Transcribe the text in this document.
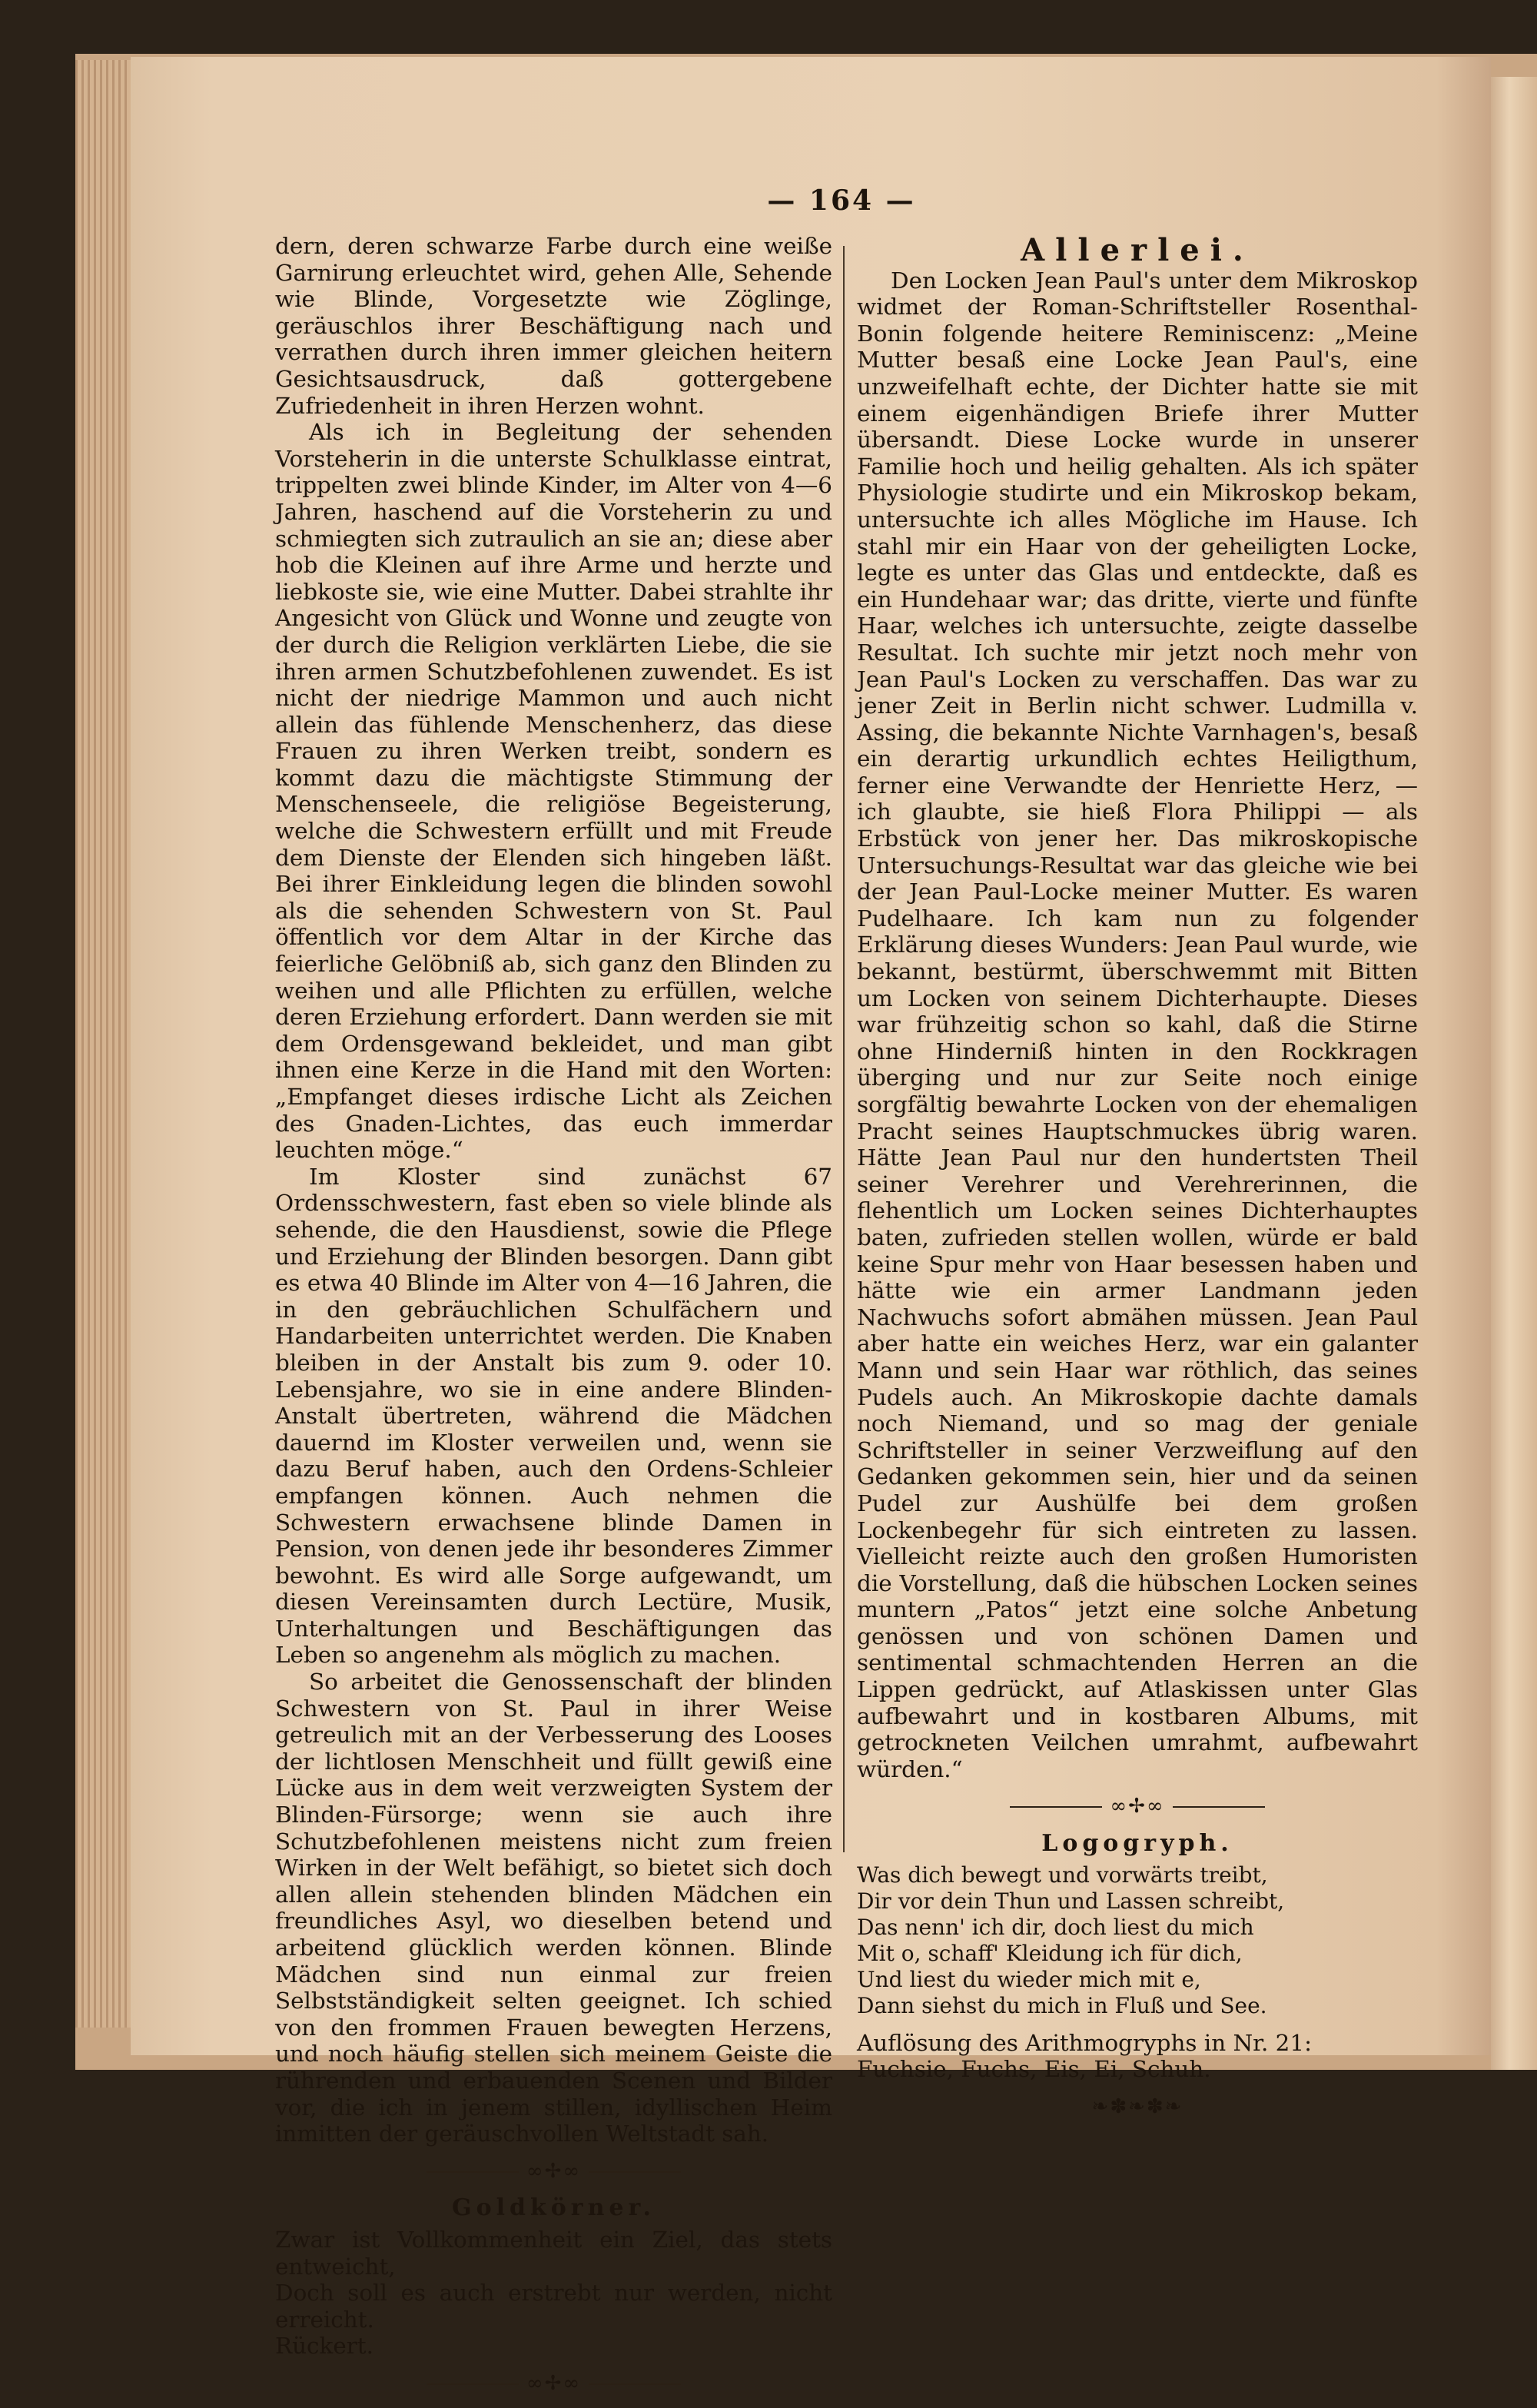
— 164 —

dern, deren schwarze Farbe durch eine weiße Garnirung erleuchtet wird, gehen Alle, Sehende wie Blinde, Vorgesetzte wie Zöglinge, geräuschlos ihrer Beschäftigung nach und verrathen durch ihren immer gleichen heitern Gesichtsausdruck, daß gottergebene Zufriedenheit in ihren Herzen wohnt.

Als ich in Begleitung der sehenden Vorsteherin in die unterste Schulklasse eintrat, trippelten zwei blinde Kinder, im Alter von 4—6 Jahren, haschend auf die Vorsteherin zu und schmiegten sich zutraulich an sie an; diese aber hob die Kleinen auf ihre Arme und herzte und liebkoste sie, wie eine Mutter. Dabei strahlte ihr Angesicht von Glück und Wonne und zeugte von der durch die Religion verklärten Liebe, die sie ihren armen Schutzbefohlenen zuwendet. Es ist nicht der niedrige Mammon und auch nicht allein das fühlende Menschenherz, das diese Frauen zu ihren Werken treibt, sondern es kommt dazu die mächtigste Stimmung der Menschenseele, die religiöse Begeisterung, welche die Schwestern erfüllt und mit Freude dem Dienste der Elenden sich hingeben läßt. Bei ihrer Einkleidung legen die blinden sowohl als die sehenden Schwestern von St. Paul öffentlich vor dem Altar in der Kirche das feierliche Gelöbniß ab, sich ganz den Blinden zu weihen und alle Pflichten zu erfüllen, welche deren Erziehung erfordert. Dann werden sie mit dem Ordensgewand bekleidet, und man gibt ihnen eine Kerze in die Hand mit den Worten: „Empfanget dieses irdische Licht als Zeichen des Gnaden-Lichtes, das euch immerdar leuchten möge.“

Im Kloster sind zunächst 67 Ordensschwestern, fast eben so viele blinde als sehende, die den Hausdienst, sowie die Pflege und Erziehung der Blinden besorgen. Dann gibt es etwa 40 Blinde im Alter von 4—16 Jahren, die in den gebräuchlichen Schulfächern und Handarbeiten unterrichtet werden. Die Knaben bleiben in der Anstalt bis zum 9. oder 10. Lebensjahre, wo sie in eine andere Blinden-Anstalt übertreten, während die Mädchen dauernd im Kloster verweilen und, wenn sie dazu Beruf haben, auch den Ordens-Schleier empfangen können. Auch nehmen die Schwestern erwachsene blinde Damen in Pension, von denen jede ihr besonderes Zimmer bewohnt. Es wird alle Sorge aufgewandt, um diesen Vereinsamten durch Lectüre, Musik, Unterhaltungen und Beschäftigungen das Leben so angenehm als möglich zu machen.

So arbeitet die Genossenschaft der blinden Schwestern von St. Paul in ihrer Weise getreulich mit an der Verbesserung des Looses der lichtlosen Menschheit und füllt gewiß eine Lücke aus in dem weit verzweigten System der Blinden-Fürsorge; wenn sie auch ihre Schutzbefohlenen meistens nicht zum freien Wirken in der Welt befähigt, so bietet sich doch allen allein stehenden blinden Mädchen ein freundliches Asyl, wo dieselben betend und arbeitend glücklich werden können. Blinde Mädchen sind nun einmal zur freien Selbstständigkeit selten geeignet. Ich schied von den frommen Frauen bewegten Herzens, und noch häufig stellen sich meinem Geiste die rührenden und erbauenden Scenen und Bilder vor, die ich in jenem stillen, idyllischen Heim inmitten der geräuschvollen Weltstadt sah.

∞✢∞
Goldkörner.

Zwar ist Vollkommenheit ein Ziel, das stets entweicht,

Doch soll es auch erstrebt nur werden, nicht erreicht.

Rückert.

∞✢∞
Allerlei.

Den Locken Jean Paul's unter dem Mikroskop widmet der Roman-Schriftsteller Rosenthal-Bonin folgende heitere Reminiscenz: „Meine Mutter besaß eine Locke Jean Paul's, eine unzweifelhaft echte, der Dichter hatte sie mit einem eigenhändigen Briefe ihrer Mutter übersandt. Diese Locke wurde in unserer Familie hoch und heilig gehalten. Als ich später Physiologie studirte und ein Mikroskop bekam, untersuchte ich alles Mögliche im Hause. Ich stahl mir ein Haar von der geheiligten Locke, legte es unter das Glas und entdeckte, daß es ein Hundehaar war; das dritte, vierte und fünfte Haar, welches ich untersuchte, zeigte dasselbe Resultat. Ich suchte mir jetzt noch mehr von Jean Paul's Locken zu verschaffen. Das war zu jener Zeit in Berlin nicht schwer. Ludmilla v. Assing, die bekannte Nichte Varnhagen's, besaß ein derartig urkundlich echtes Heiligthum, ferner eine Verwandte der Henriette Herz, — ich glaubte, sie hieß Flora Philippi — als Erbstück von jener her. Das mikroskopische Untersuchungs-Resultat war das gleiche wie bei der Jean Paul-Locke meiner Mutter. Es waren Pudelhaare. Ich kam nun zu folgender Erklärung dieses Wunders: Jean Paul wurde, wie bekannt, bestürmt, überschwemmt mit Bitten um Locken von seinem Dichterhaupte. Dieses war frühzeitig schon so kahl, daß die Stirne ohne Hinderniß hinten in den Rockkragen überging und nur zur Seite noch einige sorgfältig bewahrte Locken von der ehemaligen Pracht seines Hauptschmuckes übrig waren. Hätte Jean Paul nur den hundertsten Theil seiner Verehrer und Verehrerinnen, die flehentlich um Locken seines Dichterhauptes baten, zufrieden stellen wollen, würde er bald keine Spur mehr von Haar besessen haben und hätte wie ein armer Landmann jeden Nachwuchs sofort abmähen müssen. Jean Paul aber hatte ein weiches Herz, war ein galanter Mann und sein Haar war röthlich, das seines Pudels auch. An Mikroskopie dachte damals noch Niemand, und so mag der geniale Schriftsteller in seiner Verzweiflung auf den Gedanken gekommen sein, hier und da seinen Pudel zur Aushülfe bei dem großen Lockenbegehr für sich eintreten zu lassen. Vielleicht reizte auch den großen Humoristen die Vorstellung, daß die hübschen Locken seines muntern „Patos“ jetzt eine solche Anbetung genössen und von schönen Damen und sentimental schmachtenden Herren an die Lippen gedrückt, auf Atlaskissen unter Glas aufbewahrt und in kostbaren Albums, mit getrockneten Veilchen umrahmt, aufbewahrt würden.“

∞✢∞
Logogryph.

Was dich bewegt und vorwärts treibt,

Dir vor dein Thun und Lassen schreibt,

Das nenn' ich dir, doch liest du mich

Mit o, schaff' Kleidung ich für dich,

Und liest du wieder mich mit e,

Dann siehst du mich in Fluß und See.

Auflösung des Arithmogryphs in Nr. 21:

Fuchsie, Fuchs, Eis, Ei, Schuh.

❧✽❧✽❧
